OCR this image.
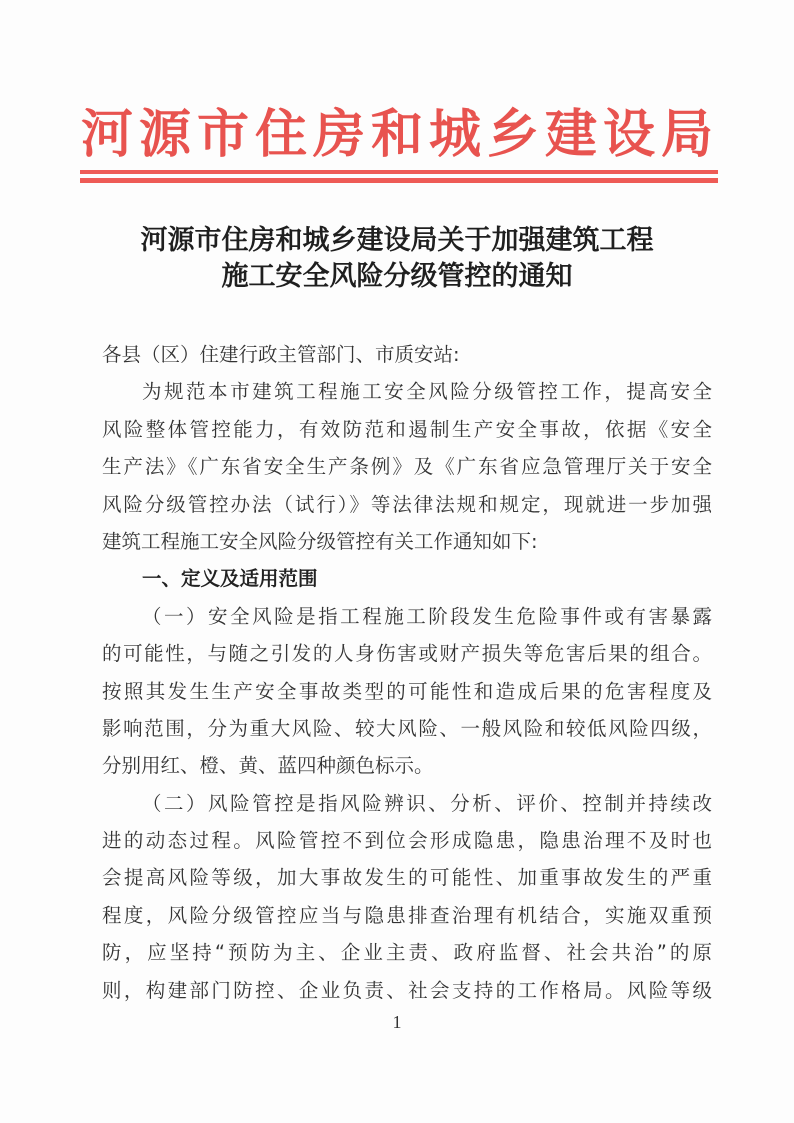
河源市住房和城乡建设局
河源市住房和城乡建设局关于加强建筑工程
施工安全风险分级管控的通知
各县（区）住建行政主管部门、市质安站:
为规范本市建筑工程施工安全风险分级管控工作，提高安全
风险整体管控能力，有效防范和遏制生产安全事故，依据《安全
生产法》《广东省安全生产条例》及《广东省应急管理厅关于安全
风险分级管控办法（试行）》等法律法规和规定，现就进一步加强
建筑工程施工安全风险分级管控有关工作通知如下:
一、定义及适用范围
（一）安全风险是指工程施工阶段发生危险事件或有害暴露
的可能性，与随之引发的人身伤害或财产损失等危害后果的组合。
按照其发生生产安全事故类型的可能性和造成后果的危害程度及
影响范围，分为重大风险、较大风险、一般风险和较低风险四级，
分别用红、橙、黄、蓝四种颜色标示。
（二）风险管控是指风险辨识、分析、评价、控制并持续改
进的动态过程。风险管控不到位会形成隐患，隐患治理不及时也
会提高风险等级，加大事故发生的可能性、加重事故发生的严重
程度，风险分级管控应当与隐患排查治理有机结合，实施双重预
防，应坚持“预防为主、企业主责、政府监督、社会共治”的原
则，构建部门防控、企业负责、社会支持的工作格局。风险等级
1
